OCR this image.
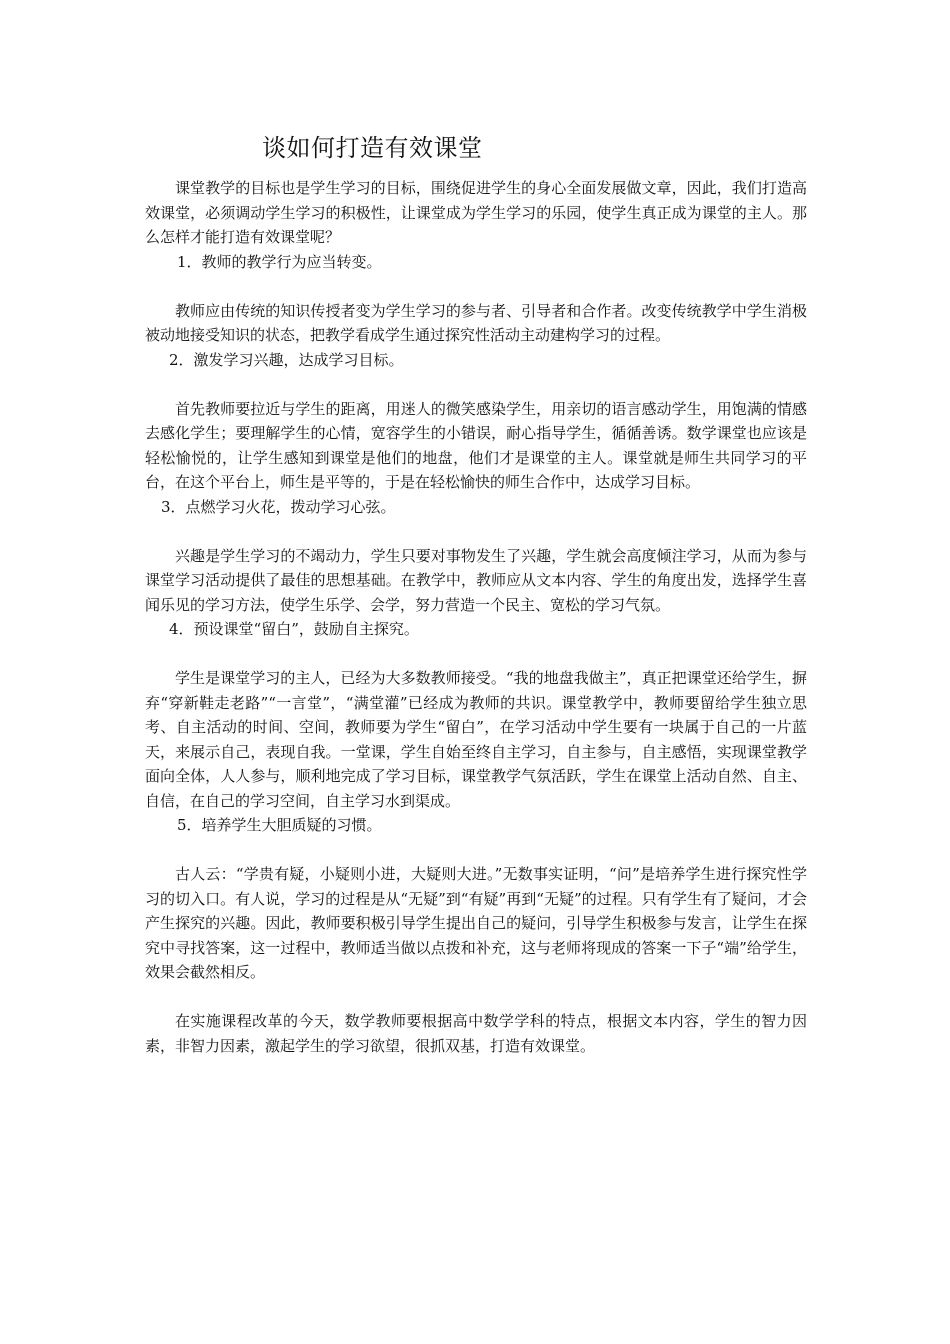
谈如何打造有效课堂

课堂教学的目标也是学生学习的目标，围绕促进学生的身心全面发展做文章，因此，我们打造高效课堂，必须调动学生学习的积极性，让课堂成为学生学习的乐园，使学生真正成为课堂的主人。那么怎样才能打造有效课堂呢？

1．教师的教学行为应当转变。

教师应由传统的知识传授者变为学生学习的参与者、引导者和合作者。改变传统教学中学生消极被动地接受知识的状态，把教学看成学生通过探究性活动主动建构学习的过程。

2．激发学习兴趣，达成学习目标。

首先教师要拉近与学生的距离，用迷人的微笑感染学生，用亲切的语言感动学生，用饱满的情感去感化学生；要理解学生的心情，宽容学生的小错误，耐心指导学生，循循善诱。数学课堂也应该是轻松愉悦的，让学生感知到课堂是他们的地盘，他们才是课堂的主人。课堂就是师生共同学习的平台，在这个平台上，师生是平等的，于是在轻松愉快的师生合作中，达成学习目标。

3．点燃学习火花，拨动学习心弦。

兴趣是学生学习的不竭动力，学生只要对事物发生了兴趣，学生就会高度倾注学习，从而为参与课堂学习活动提供了最佳的思想基础。在教学中，教师应从文本内容、学生的角度出发，选择学生喜闻乐见的学习方法，使学生乐学、会学，努力营造一个民主、宽松的学习气氛。

4．预设课堂“留白”，鼓励自主探究。

学生是课堂学习的主人，已经为大多数教师接受。“我的地盘我做主”，真正把课堂还给学生，摒弃“穿新鞋走老路”“一言堂”，“满堂灌”已经成为教师的共识。课堂教学中，教师要留给学生独立思考、自主活动的时间、空间，教师要为学生“留白”，在学习活动中学生要有一块属于自己的一片蓝天，来展示自己，表现自我。一堂课，学生自始至终自主学习，自主参与，自主感悟，实现课堂教学面向全体，人人参与，顺利地完成了学习目标，课堂教学气氛活跃，学生在课堂上活动自然、自主、自信，在自己的学习空间，自主学习水到渠成。

5．培养学生大胆质疑的习惯。

古人云：“学贵有疑，小疑则小进，大疑则大进。”无数事实证明，“问”是培养学生进行探究性学习的切入口。有人说，学习的过程是从“无疑”到“有疑”再到“无疑”的过程。只有学生有了疑问，才会产生探究的兴趣。因此，教师要积极引导学生提出自己的疑问，引导学生积极参与发言，让学生在探究中寻找答案，这一过程中，教师适当做以点拨和补充，这与老师将现成的答案一下子“端”给学生，效果会截然相反。

在实施课程改革的今天，数学教师要根据高中数学学科的特点，根据文本内容，学生的智力因素，非智力因素，激起学生的学习欲望，很抓双基，打造有效课堂。
